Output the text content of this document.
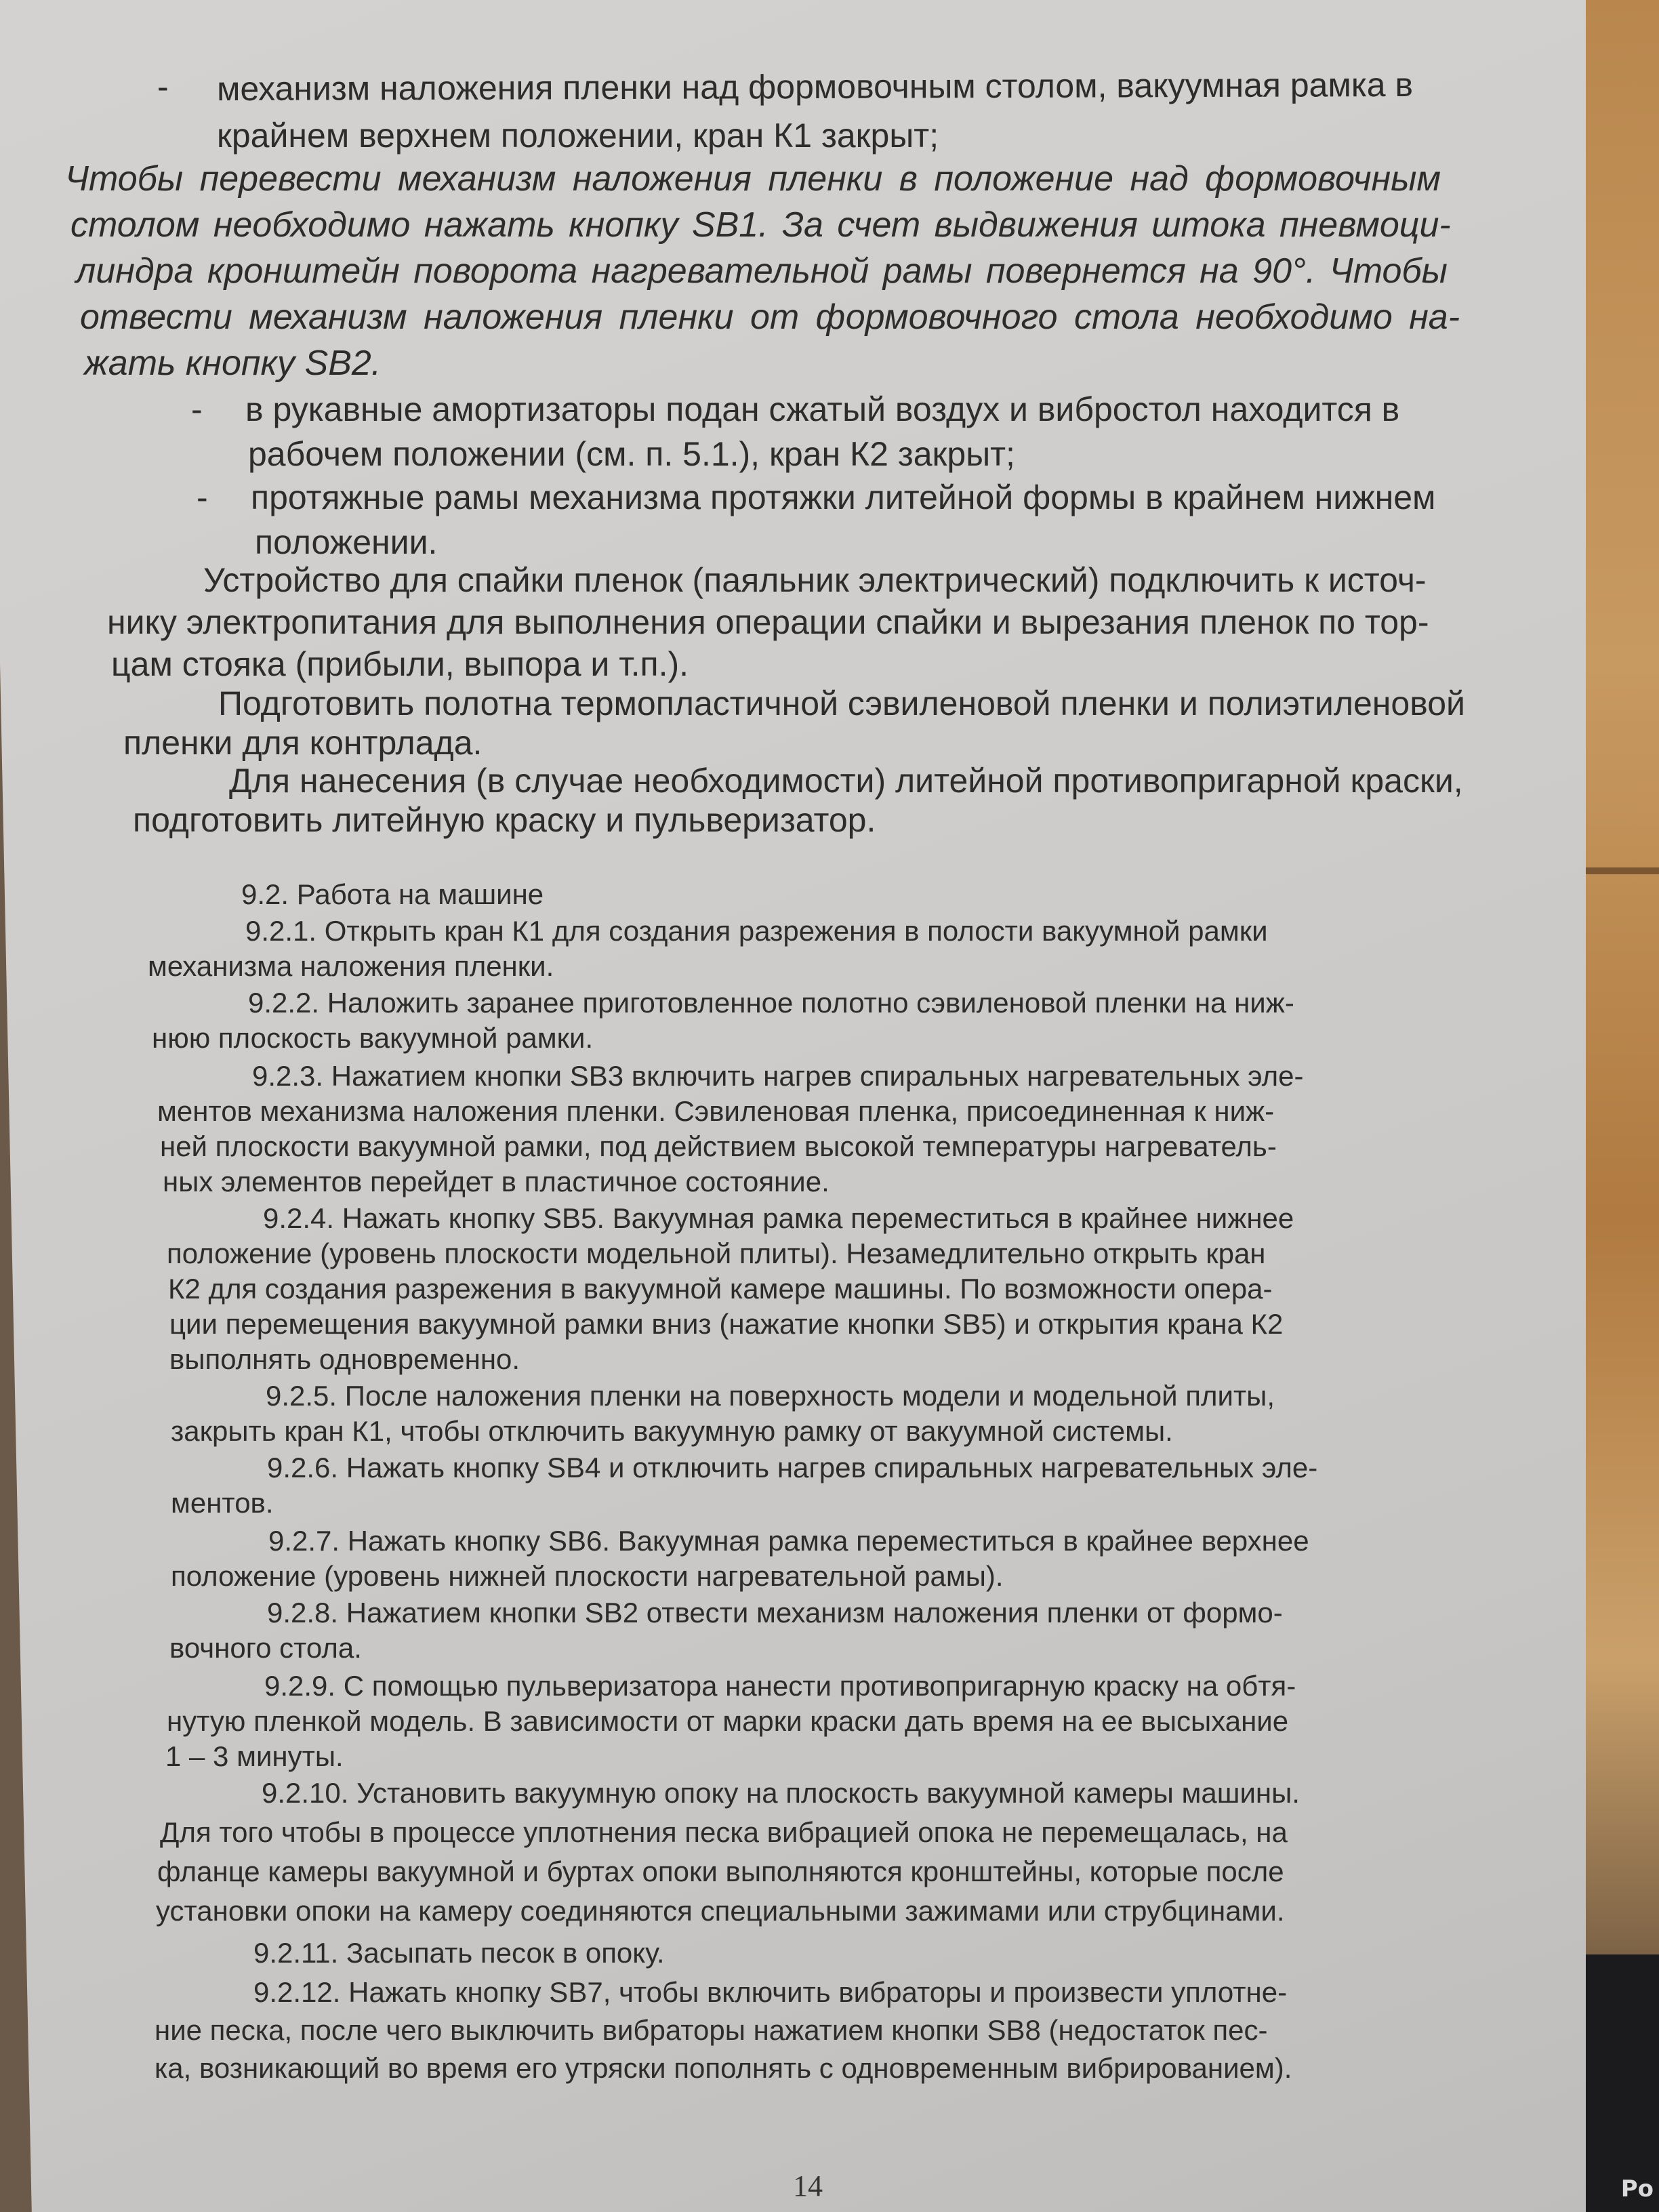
Po
- механизм наложения пленки над формовочным столом, вакуумная рамка в
крайнем верхнем положении, кран К1 закрыт;
Чтобы перевести механизм наложения пленки в положение над формовочным
столом необходимо нажать кнопку SB1. За счет выдвижения штока пневмоци-
линдра кронштейн поворота нагревательной рамы повернется на 90°. Чтобы
отвести механизм наложения пленки от формовочного стола необходимо на-
жать кнопку SB2.
- в рукавные амортизаторы подан сжатый воздух и вибростол находится в
рабочем положении (см. п. 5.1.), кран К2 закрыт;
- протяжные рамы механизма протяжки литейной формы в крайнем нижнем
положении.
Устройство для спайки пленок (паяльник электрический) подключить к источ-
нику электропитания для выполнения операции спайки и вырезания пленок по тор-
цам стояка (прибыли, выпора и т.п.).
Подготовить полотна термопластичной сэвиленовой пленки и полиэтиленовой
пленки для контрлада.
Для нанесения (в случае необходимости) литейной противопригарной краски,
подготовить литейную краску и пульверизатор.
9.2. Работа на машине
9.2.1. Открыть кран К1 для создания разрежения в полости вакуумной рамки
механизма наложения пленки.
9.2.2. Наложить заранее приготовленное полотно сэвиленовой пленки на ниж-
нюю плоскость вакуумной рамки.
9.2.3. Нажатием кнопки SB3 включить нагрев спиральных нагревательных эле-
ментов механизма наложения пленки. Сэвиленовая пленка, присоединенная к ниж-
ней плоскости вакуумной рамки, под действием высокой температуры нагреватель-
ных элементов перейдет в пластичное состояние.
9.2.4. Нажать кнопку SB5. Вакуумная рамка переместиться в крайнее нижнее
положение (уровень плоскости модельной плиты). Незамедлительно открыть кран
К2 для создания разрежения в вакуумной камере машины. По возможности опера-
ции перемещения вакуумной рамки вниз (нажатие кнопки SB5) и открытия крана К2
выполнять одновременно.
9.2.5. После наложения пленки на поверхность модели и модельной плиты,
закрыть кран К1, чтобы отключить вакуумную рамку от вакуумной системы.
9.2.6. Нажать кнопку SB4 и отключить нагрев спиральных нагревательных эле-
ментов.
9.2.7. Нажать кнопку SB6. Вакуумная рамка переместиться в крайнее верхнее
положение (уровень нижней плоскости нагревательной рамы).
9.2.8. Нажатием кнопки SB2 отвести механизм наложения пленки от формо-
вочного стола.
9.2.9. С помощью пульверизатора нанести противопригарную краску на обтя-
нутую пленкой модель. В зависимости от марки краски дать время на ее высыхание
1 – 3 минуты.
9.2.10. Установить вакуумную опоку на плоскость вакуумной камеры машины.
Для того чтобы в процессе уплотнения песка вибрацией опока не перемещалась, на
фланце камеры вакуумной и буртах опоки выполняются кронштейны, которые после
установки опоки на камеру соединяются специальными зажимами или струбцинами.
9.2.11. Засыпать песок в опоку.
9.2.12. Нажать кнопку SB7, чтобы включить вибраторы и произвести уплотне-
ние песка, после чего выключить вибраторы нажатием кнопки SB8 (недостаток пес-
ка, возникающий во время его утряски пополнять с одновременным вибрированием).
14
